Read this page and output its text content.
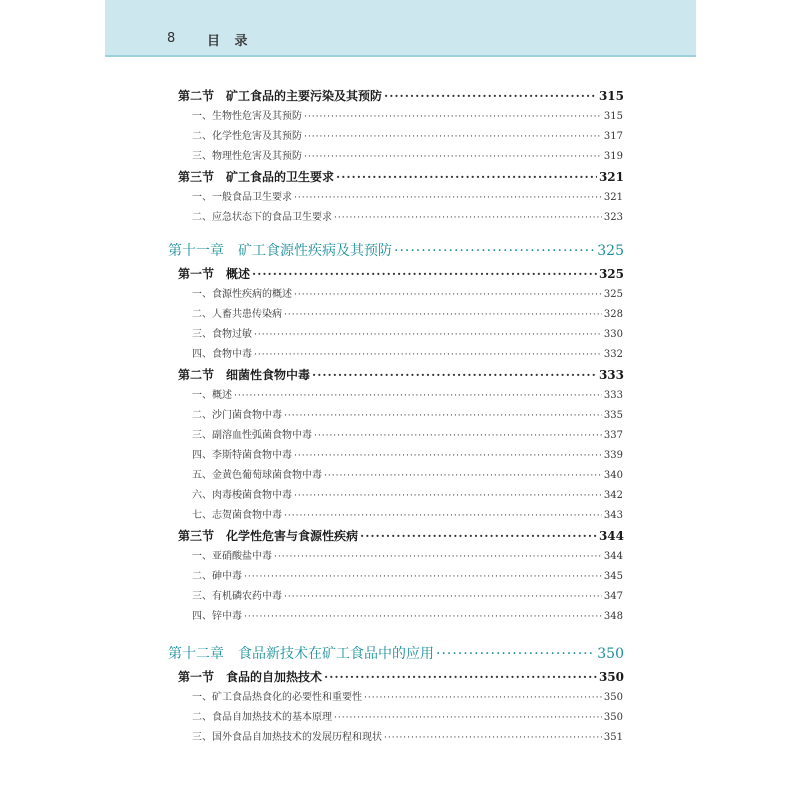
8 目 录
第二节　矿工食品的主要污染及其预防 ·····	315
一、生物性危害及其预防 ·····	315
二、化学性危害及其预防 ·····	317
三、物理性危害及其预防 ·····	319
第三节　矿工食品的卫生要求 ·····	321
一、一般食品卫生要求 ·····	321
二、应急状态下的食品卫生要求 ·····	323
第十一章　矿工食源性疾病及其预防 ·····	325
第一节　概述 ·····	325
一、食源性疾病的概述 ·····	325
二、人畜共患传染病 ·····	328
三、食物过敏 ·····	330
四、食物中毒 ·····	332
第二节　细菌性食物中毒 ·····	333
一、概述 ·····	333
二、沙门菌食物中毒 ·····	335
三、副溶血性弧菌食物中毒 ·····	337
四、李斯特菌食物中毒 ·····	339
五、金黄色葡萄球菌食物中毒 ·····	340
六、肉毒梭菌食物中毒 ·····	342
七、志贺菌食物中毒 ·····	343
第三节　化学性危害与食源性疾病 ·····	344
一、亚硝酸盐中毒 ·····	344
二、砷中毒 ·····	345
三、有机磷农药中毒 ·····	347
四、锌中毒 ·····	348
第十二章　食品新技术在矿工食品中的应用 ·····	350
第一节　食品的自加热技术 ·····	350
一、矿工食品热食化的必要性和重要性 ·····	350
二、食品自加热技术的基本原理 ·····	350
三、国外食品自加热技术的发展历程和现状 ·····	351
